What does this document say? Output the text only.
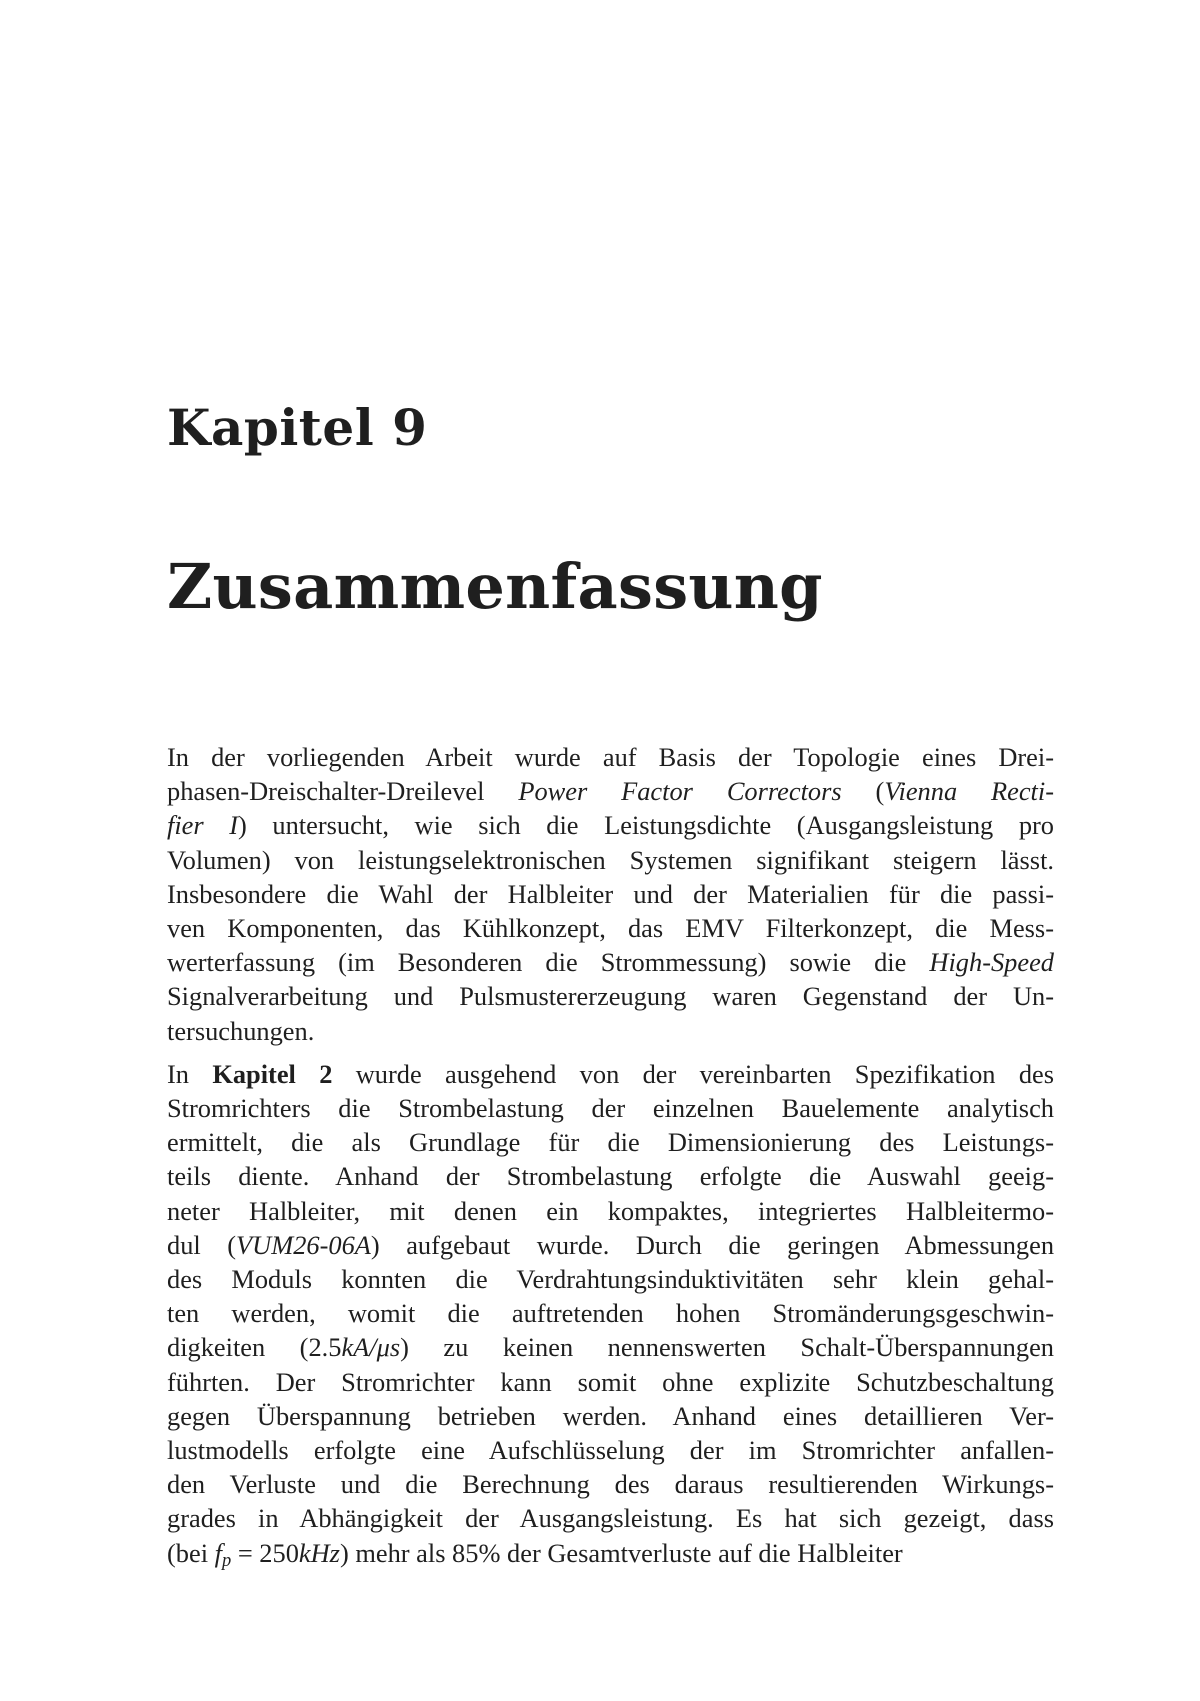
Kapitel 9
Zusammenfassung

In der vorliegenden Arbeit wurde auf Basis der Topologie eines Drei-
phasen-Dreischalter-Dreilevel Power Factor Correctors (Vienna Recti-
fier I) untersucht, wie sich die Leistungsdichte (Ausgangsleistung pro
Volumen) von leistungselektronischen Systemen signifikant steigern lässt.
Insbesondere die Wahl der Halbleiter und der Materialien für die passi-
ven Komponenten, das Kühlkonzept, das EMV Filterkonzept, die Mess-
werterfassung (im Besonderen die Strommessung) sowie die High-Speed
Signalverarbeitung und Pulsmustererzeugung waren Gegenstand der Un-
tersuchungen.

In Kapitel 2 wurde ausgehend von der vereinbarten Spezifikation des
Stromrichters die Strombelastung der einzelnen Bauelemente analytisch
ermittelt, die als Grundlage für die Dimensionierung des Leistungs-
teils diente. Anhand der Strombelastung erfolgte die Auswahl geeig-
neter Halbleiter, mit denen ein kompaktes, integriertes Halbleitermo-
dul (VUM26-06A) aufgebaut wurde. Durch die geringen Abmessungen
des Moduls konnten die Verdrahtungsinduktivitäten sehr klein gehal-
ten werden, womit die auftretenden hohen Stromänderungsgeschwin-
digkeiten (2.5kA/μs) zu keinen nennenswerten Schalt-Überspannungen
führten. Der Stromrichter kann somit ohne explizite Schutzbeschaltung
gegen Überspannung betrieben werden. Anhand eines detaillieren Ver-
lustmodells erfolgte eine Aufschlüsselung der im Stromrichter anfallen-
den Verluste und die Berechnung des daraus resultierenden Wirkungs-
grades in Abhängigkeit der Ausgangsleistung. Es hat sich gezeigt, dass
(bei $f_p = 250kHz$) mehr als 85% der Gesamtverluste auf die Halbleiter
